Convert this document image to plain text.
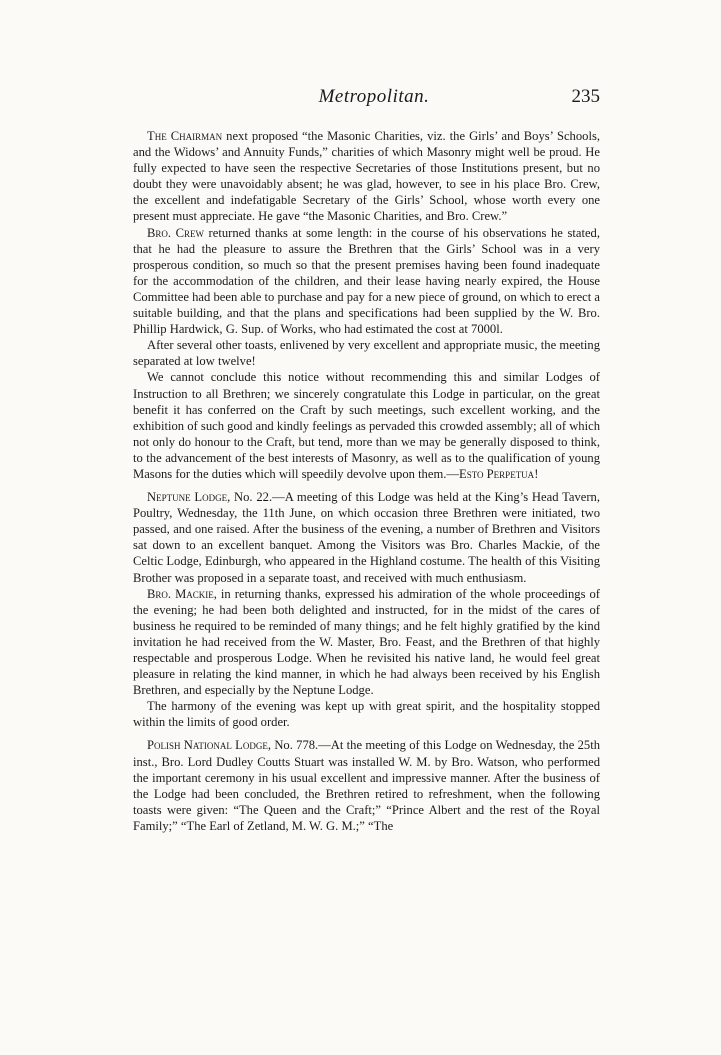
Metropolitan.	235

The Chairman next proposed “the Masonic Charities, viz. the Girls’ and Boys’ Schools, and the Widows’ and Annuity Funds,” charities of which Masonry might well be proud. He fully expected to have seen the respective Secretaries of those Institutions present, but no doubt they were unavoidably absent; he was glad, however, to see in his place Bro. Crew, the excellent and indefatigable Secretary of the Girls’ School, whose worth every one present must appreciate. He gave “the Masonic Charities, and Bro. Crew.”

Bro. Crew returned thanks at some length: in the course of his observations he stated, that he had the pleasure to assure the Brethren that the Girls’ School was in a very prosperous condition, so much so that the present premises having been found inadequate for the accommodation of the children, and their lease having nearly expired, the House Committee had been able to purchase and pay for a new piece of ground, on which to erect a suitable building, and that the plans and specifications had been supplied by the W. Bro. Phillip Hardwick, G. Sup. of Works, who had estimated the cost at 7000l.

After several other toasts, enlivened by very excellent and appropriate music, the meeting separated at low twelve!

We cannot conclude this notice without recommending this and similar Lodges of Instruction to all Brethren; we sincerely congratulate this Lodge in particular, on the great benefit it has conferred on the Craft by such meetings, such excellent working, and the exhibition of such good and kindly feelings as pervaded this crowded assembly; all of which not only do honour to the Craft, but tend, more than we may be generally disposed to think, to the advancement of the best interests of Masonry, as well as to the qualification of young Masons for the duties which will speedily devolve upon them.—Esto Perpetua!

Neptune Lodge, No. 22.—A meeting of this Lodge was held at the King’s Head Tavern, Poultry, Wednesday, the 11th June, on which occasion three Brethren were initiated, two passed, and one raised. After the business of the evening, a number of Brethren and Visitors sat down to an excellent banquet. Among the Visitors was Bro. Charles Mackie, of the Celtic Lodge, Edinburgh, who appeared in the Highland costume. The health of this Visiting Brother was proposed in a separate toast, and received with much enthusiasm.

Bro. Mackie, in returning thanks, expressed his admiration of the whole proceedings of the evening; he had been both delighted and instructed, for in the midst of the cares of business he required to be reminded of many things; and he felt highly gratified by the kind invitation he had received from the W. Master, Bro. Feast, and the Brethren of that highly respectable and prosperous Lodge. When he revisited his native land, he would feel great pleasure in relating the kind manner, in which he had always been received by his English Brethren, and especially by the Neptune Lodge.

The harmony of the evening was kept up with great spirit, and the hospitality stopped within the limits of good order.

Polish National Lodge, No. 778.—At the meeting of this Lodge on Wednesday, the 25th inst., Bro. Lord Dudley Coutts Stuart was installed W. M. by Bro. Watson, who performed the important ceremony in his usual excellent and impressive manner. After the business of the Lodge had been concluded, the Brethren retired to refreshment, when the following toasts were given: “The Queen and the Craft;” “Prince Albert and the rest of the Royal Family;” “The Earl of Zetland, M. W. G. M.;” “The
